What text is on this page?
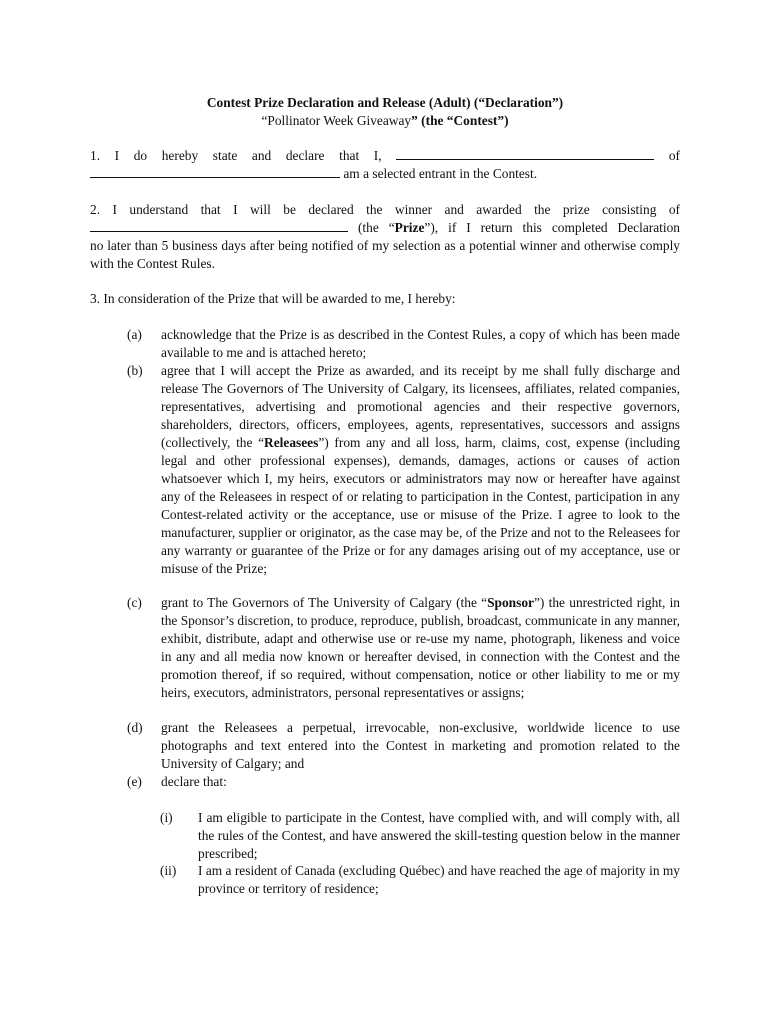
Contest Prize Declaration and Release (Adult) (“Declaration”)
“Pollinator Week Giveaway” (the “Contest”)
1. I do hereby state and declare that I,	of
am a selected entrant in the Contest.
2. I understand that I will be declared the winner and awarded the prize consisting of
(the “Prize”), if I return this completed Declaration
no later than 5 business days after being notified of my selection as a potential winner and otherwise comply with the Contest Rules.
3. In consideration of the Prize that will be awarded to me, I hereby:
(a) acknowledge that the Prize is as described in the Contest Rules, a copy of which has been made available to me and is attached hereto;
(b) agree that I will accept the Prize as awarded, and its receipt by me shall fully discharge and release The Governors of The University of Calgary, its licensees, affiliates, related companies, representatives, advertising and promotional agencies and their respective governors, shareholders, directors, officers, employees, agents, representatives, successors and assigns (collectively, the “Releasees”) from any and all loss, harm, claims, cost, expense (including legal and other professional expenses), demands, damages, actions or causes of action whatsoever which I, my heirs, executors or administrators may now or hereafter have against any of the Releasees in respect of or relating to participation in the Contest, participation in any Contest-related activity or the acceptance, use or misuse of the Prize. I agree to look to the manufacturer, supplier or originator, as the case may be, of the Prize and not to the Releasees for any warranty or guarantee of the Prize or for any damages arising out of my acceptance, use or misuse of the Prize;
(c) grant to The Governors of The University of Calgary (the “Sponsor”) the unrestricted right, in the Sponsor’s discretion, to produce, reproduce, publish, broadcast, communicate in any manner, exhibit, distribute, adapt and otherwise use or re-use my name, photograph, likeness and voice in any and all media now known or hereafter devised, in connection with the Contest and the promotion thereof, if so required, without compensation, notice or other liability to me or my heirs, executors, administrators, personal representatives or assigns;
(d) grant the Releasees a perpetual, irrevocable, non-exclusive, worldwide licence to use photographs and text entered into the Contest in marketing and promotion related to the University of Calgary; and
(e) declare that:
(i) I am eligible to participate in the Contest, have complied with, and will comply with, all the rules of the Contest, and have answered the skill-testing question below in the manner prescribed;
(ii) I am a resident of Canada (excluding Québec) and have reached the age of majority in my province or territory of residence;
